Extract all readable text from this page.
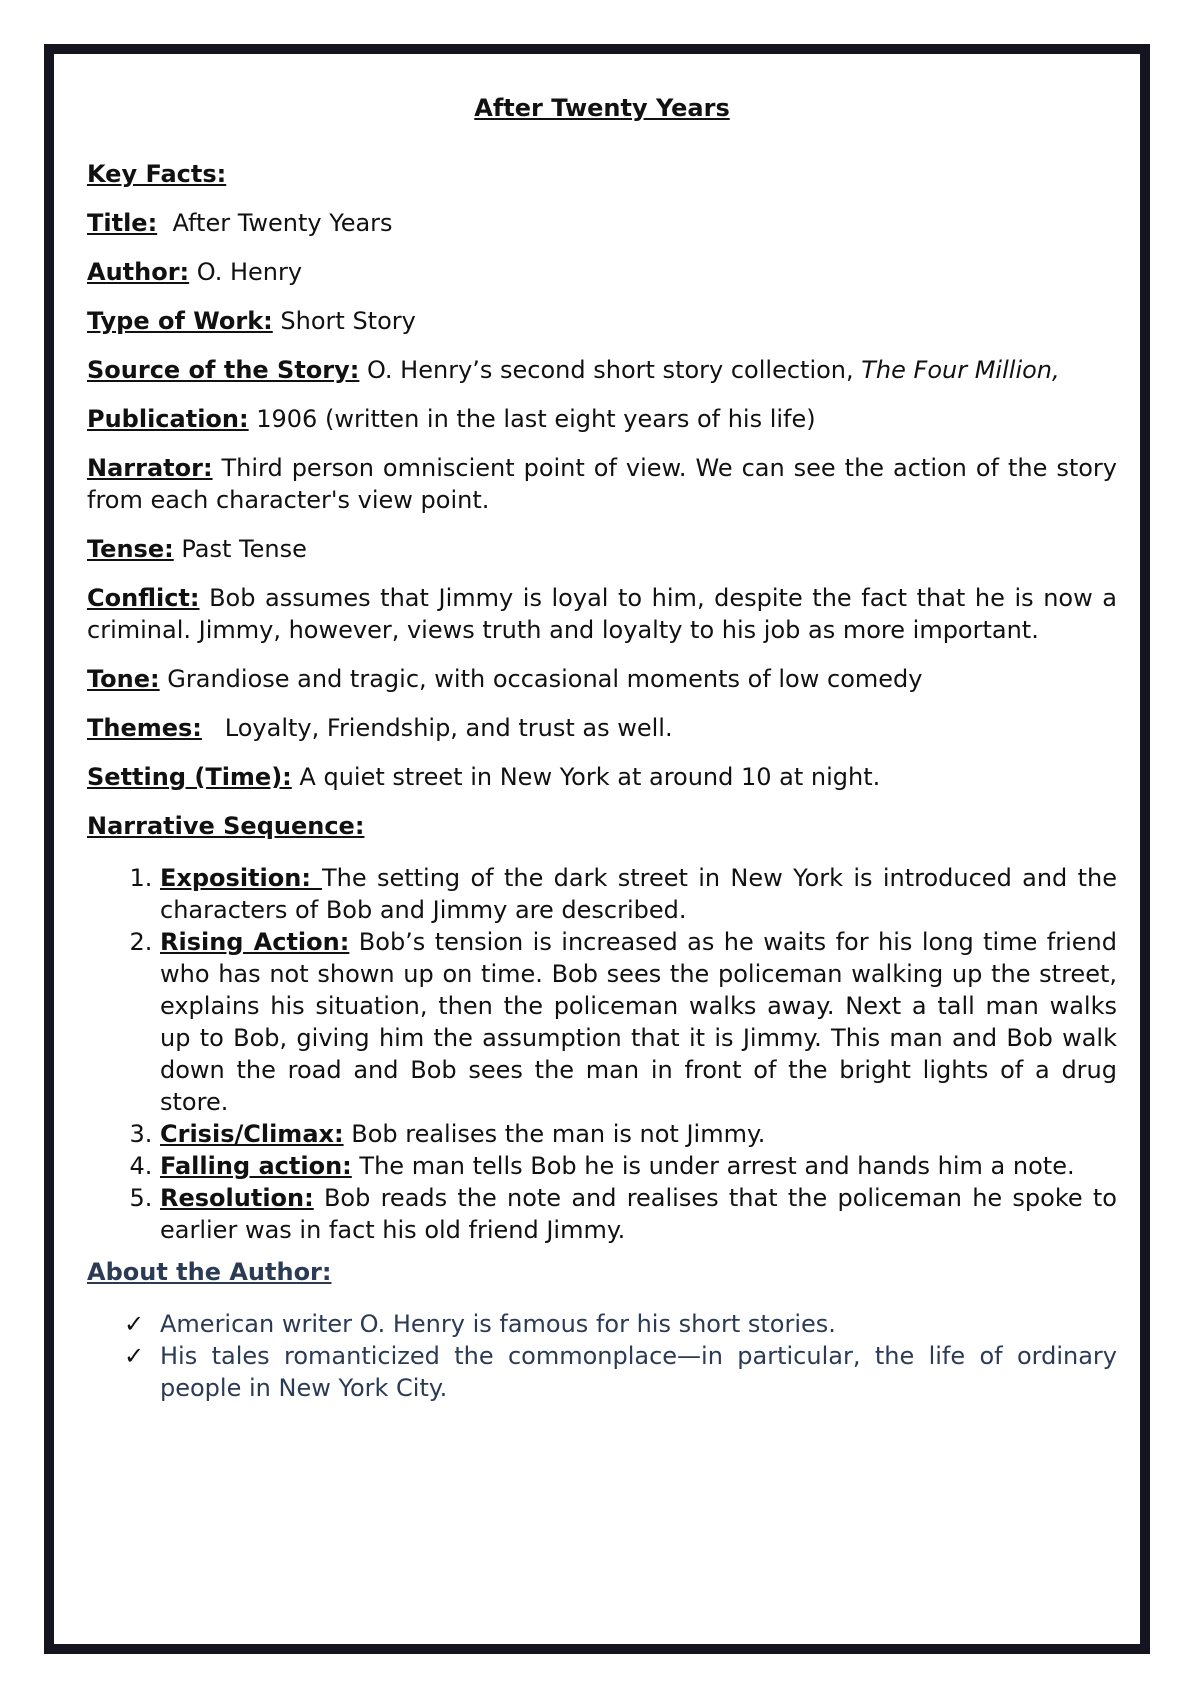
After Twenty Years
Key Facts:
Title: After Twenty Years
Author: O. Henry
Type of Work: Short Story
Source of the Story: O. Henry’s second short story collection, The Four Million,
Publication: 1906 (written in the last eight years of his life)
Narrator: Third person omniscient point of view. We can see the action of the story from each character's view point.
Tense: Past Tense
Conflict: Bob assumes that Jimmy is loyal to him, despite the fact that he is now a criminal. Jimmy, however, views truth and loyalty to his job as more important.
Tone: Grandiose and tragic, with occasional moments of low comedy
Themes: Loyalty, Friendship, and trust as well.
Setting (Time): A quiet street in New York at around 10 at night.
Narrative Sequence:
1. Exposition: The setting of the dark street in New York is introduced and the characters of Bob and Jimmy are described.
2. Rising Action: Bob’s tension is increased as he waits for his long time friend who has not shown up on time. Bob sees the policeman walking up the street, explains his situation, then the policeman walks away. Next a tall man walks up to Bob, giving him the assumption that it is Jimmy. This man and Bob walk down the road and Bob sees the man in front of the bright lights of a drug store.
3. Crisis/Climax: Bob realises the man is not Jimmy.
4. Falling action: The man tells Bob he is under arrest and hands him a note.
5. Resolution: Bob reads the note and realises that the policeman he spoke to earlier was in fact his old friend Jimmy.
About the Author:
✓ American writer O. Henry is famous for his short stories.
✓ His tales romanticized the commonplace—in particular, the life of ordinary people in New York City.
